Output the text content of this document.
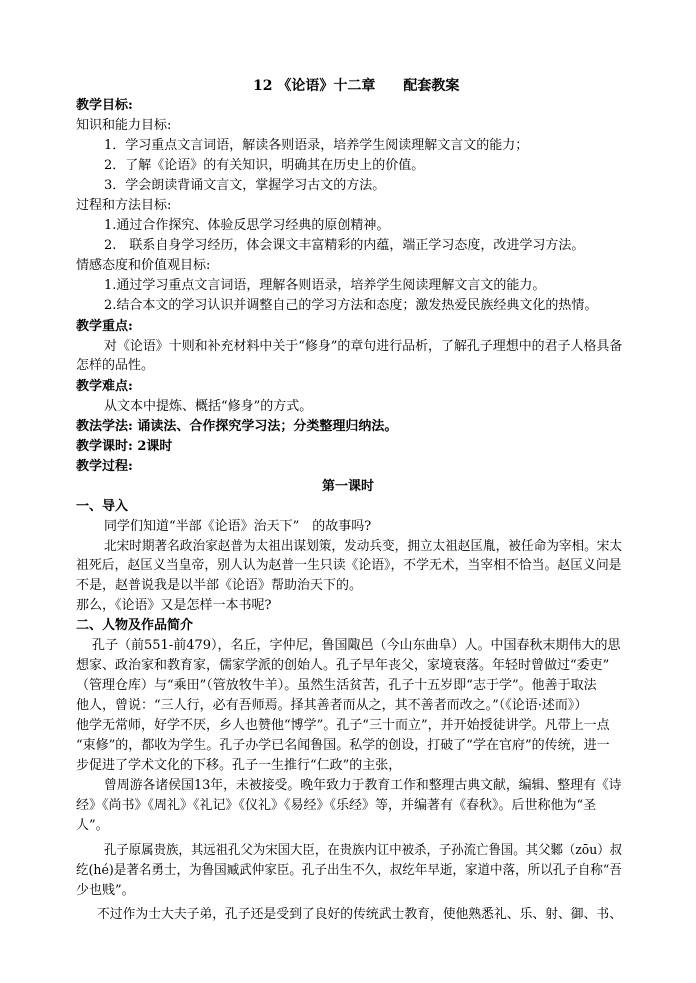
12 《论语》十二章　　配套教案
教学目标:
知识和能力目标:
1．学习重点文言词语，解读各则语录，培养学生阅读理解文言文的能力；
2．了解《论语》的有关知识，明确其在历史上的价值。
3．学会朗读背诵文言文，掌握学习古文的方法。
过程和方法目标:
1.通过合作探究、体验反思学习经典的原创精神。
2.　联系自身学习经历，体会课文丰富精彩的内蕴，端正学习态度，改进学习方法。
情感态度和价值观目标:
1.通过学习重点文言词语，理解各则语录，培养学生阅读理解文言文的能力。
2.结合本文的学习认识并调整自己的学习方法和态度；激发热爱民族经典文化的热情。
教学重点:
对《论语》十则和补充材料中关于“修身”的章句进行品析，了解孔子理想中的君子人格具备
怎样的品性。
教学难点:
从文本中提炼、概括“修身”的方式。
教法学法: 诵读法、合作探究学习法；分类整理归纳法。
教学课时: 2课时
教学过程:
第一课时
一、导入
同学们知道“半部《论语》治天下”　的故事吗?
北宋时期著名政治家赵普为太祖出谋划策，发动兵变，拥立太祖赵匡胤，被任命为宰相。宋太
祖死后，赵匡义当皇帝，别人认为赵普一生只读《论语》，不学无术，当宰相不恰当。赵匡义问是
不是，赵普说我是以半部《论语》帮助治天下的。
那么，《论语》又是怎样一本书呢?
二、人物及作品简介
孔子（前551-前479），名丘，字仲尼，鲁国陬邑（今山东曲阜）人。中国春秋末期伟大的思
想家、政治家和教育家，儒家学派的创始人。孔子早年丧父，家境衰落。年轻时曾做过“委吏”
（管理仓库）与“乘田”（管放牧牛羊）。虽然生活贫苦，孔子十五岁即“志于学”。他善于取法
他人，曾说：“三人行，必有吾师焉。择其善者而从之，其不善者而改之。”（《论语·述而》）
他学无常师，好学不厌，乡人也赞他“博学”。孔子“三十而立”，并开始授徒讲学。凡带上一点
“束修”的，都收为学生。孔子办学已名闻鲁国。私学的创设，打破了“学在官府”的传统，进一
步促进了学术文化的下移。孔子一生推行“仁政”的主张，
曾周游各诸侯国13年，未被接受。晚年致力于教育工作和整理古典文献，编辑、整理有《诗
经》《尚书》《周礼》《礼记》《仪礼》《易经》《乐经》等，并编著有《春秋》。后世称他为“圣
人”。
孔子原属贵族，其远祖孔父为宋国大臣，在贵族内讧中被杀，子孙流亡鲁国。其父鄹（zōu）叔
纥(hé)是著名勇士，为鲁国臧武仲家臣。孔子出生不久，叔纥年早逝，家道中落，所以孔子自称“吾
少也贱”。
不过作为士大夫子弟，孔子还是受到了良好的传统武士教育，使他熟悉礼、乐、射、御、书、
